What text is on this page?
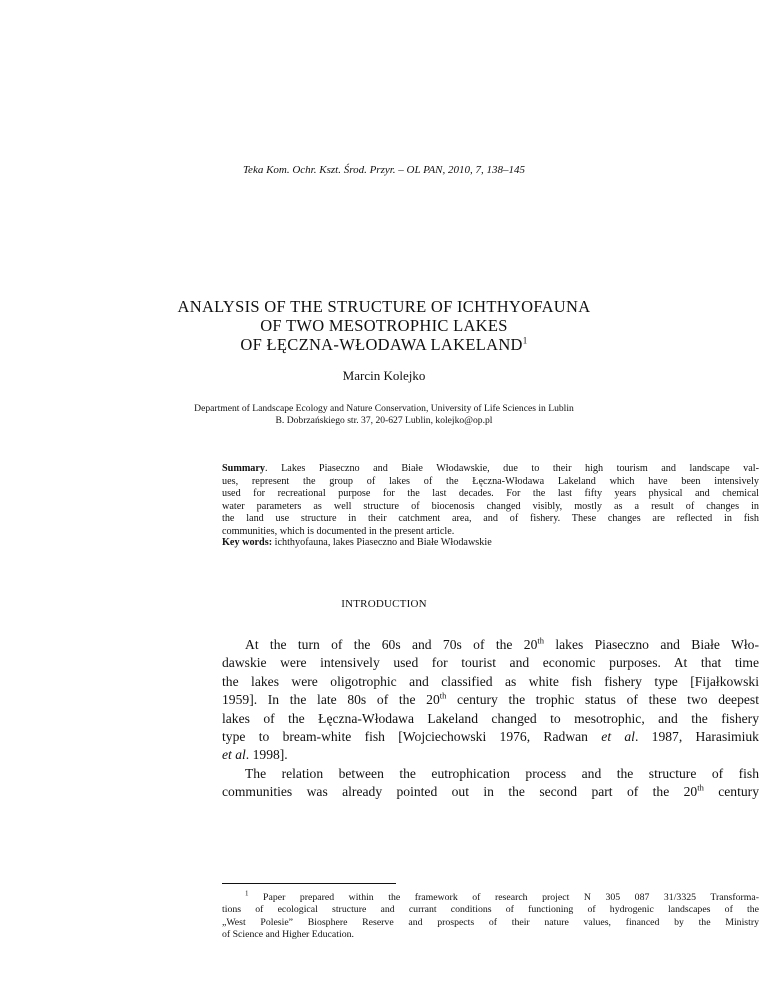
Teka Kom. Ochr. Kszt. Środ. Przyr. – OL PAN, 2010, 7, 138–145
ANALYSIS OF THE STRUCTURE OF ICHTHYOFAUNA
OF TWO MESOTROPHIC LAKES
OF ŁĘCZNA-WŁODAWA LAKELAND$^1$
Marcin Kolejko
Department of Landscape Ecology and Nature Conservation, University of Life Sciences in Lublin
B. Dobrzańskiego str. 37, 20-627 Lublin, kolejko@op.pl
Summary. Lakes Piaseczno and Białe Włodawskie, due to their high tourism and landscape val-
ues, represent the group of lakes of the Łęczna-Włodawa Lakeland which have been intensively
used for recreational purpose for the last decades. For the last fifty years physical and chemical
water parameters as well structure of biocenosis changed visibly, mostly as a result of changes in
the land use structure in their catchment area, and of fishery. These changes are reflected in fish
communities, which is documented in the present article.
Key words: ichthyofauna, lakes Piaseczno and Białe Włodawskie
INTRODUCTION
At the turn of the 60s and 70s of the 20th lakes Piaseczno and Białe Wło-
dawskie were intensively used for tourist and economic purposes. At that time
the lakes were oligotrophic and classified as white fish fishery type [Fijałkowski
1959]. In the late 80s of the 20th century the trophic status of these two deepest
lakes of the Łęczna-Włodawa Lakeland changed to mesotrophic, and the fishery
type to bream-white fish [Wojciechowski 1976, Radwan et al. 1987, Harasimiuk
et al. 1998].
The relation between the eutrophication process and the structure of fish
communities was already pointed out in the second part of the 20th century
$^1$ Paper prepared within the framework of research project N 305 087 31/3325 Transforma-
tions of ecological structure and currant conditions of functioning of hydrogenic landscapes of the
„West Polesie” Biosphere Reserve and prospects of their nature values, financed by the Ministry
of Science and Higher Education.
